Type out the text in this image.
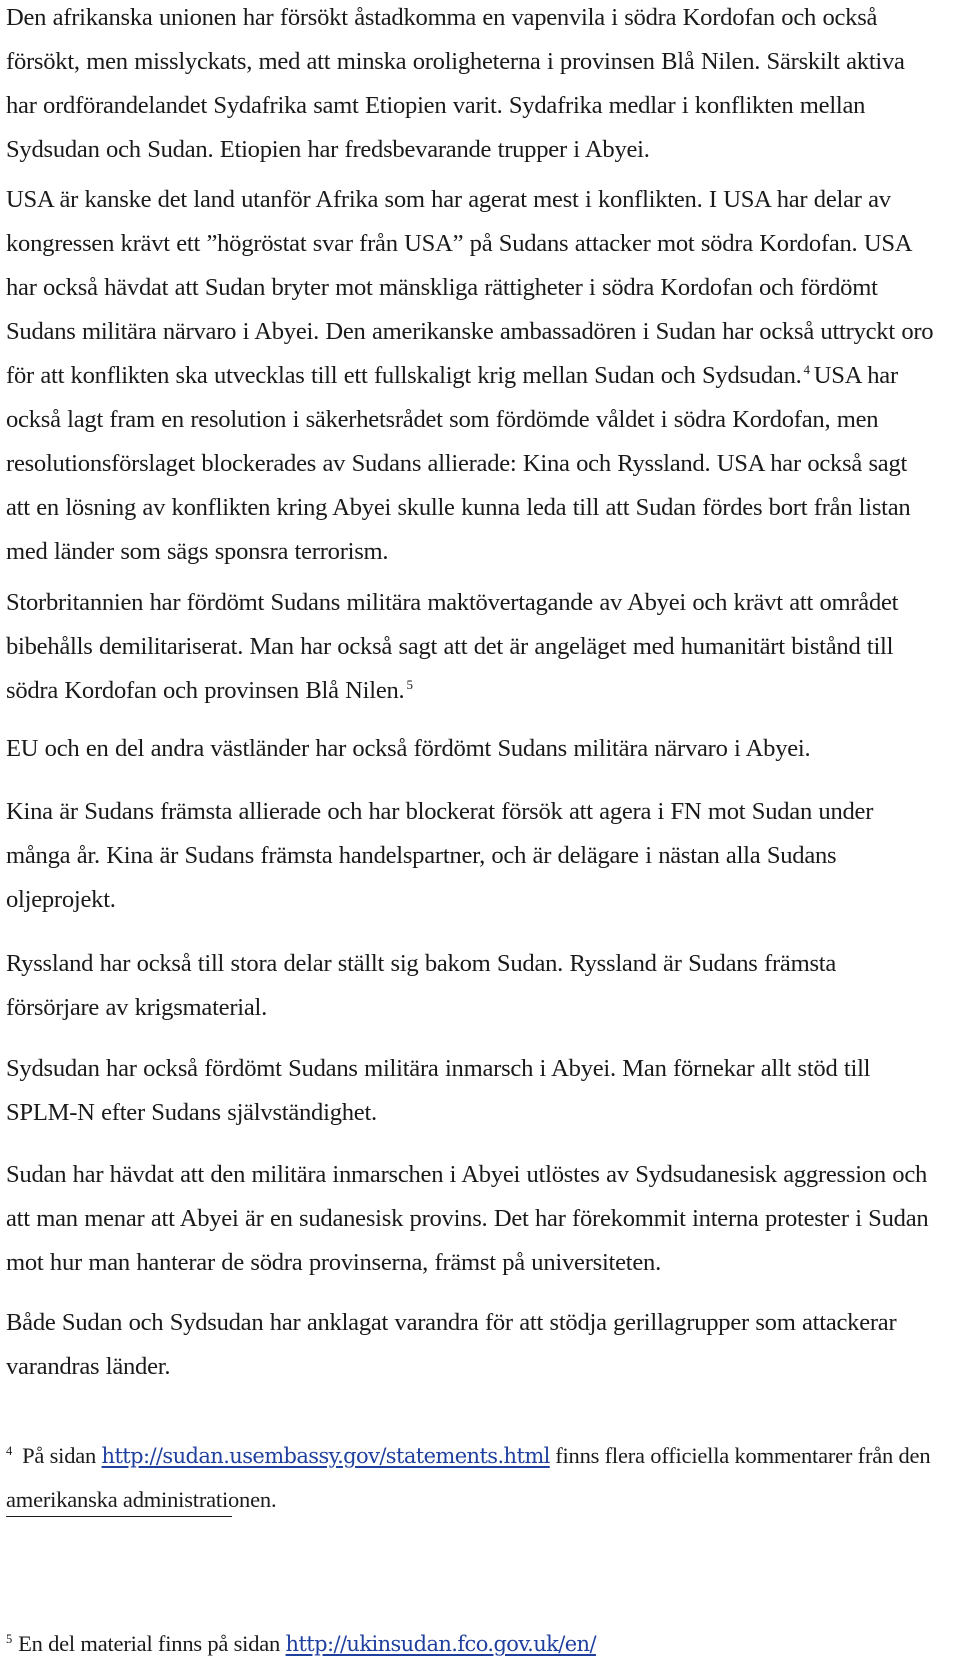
Den afrikanska unionen har försökt åstadkomma en vapenvila i södra Kordofan och också försökt, men misslyckats, med att minska oroligheterna i provinsen Blå Nilen. Särskilt aktiva har ordförandelandet Sydafrika samt Etiopien varit. Sydafrika medlar i konflikten mellan Sydsudan och Sudan. Etiopien har fredsbevarande trupper i Abyei.

USA är kanske det land utanför Afrika som har agerat mest i konflikten. I USA har delar av kongressen krävt ett ”högröstat svar från USA” på Sudans attacker mot södra Kordofan. USA har också hävdat att Sudan bryter mot mänskliga rättigheter i södra Kordofan och fördömt Sudans militära närvaro i Abyei. Den amerikanske ambassadören i Sudan har också uttryckt oro för att konflikten ska utvecklas till ett fullskaligt krig mellan Sudan och Sydsudan. $^4$ USA har också lagt fram en resolution i säkerhetsrådet som fördömde våldet i södra Kordofan, men resolutionsförslaget blockerades av Sudans allierade: Kina och Ryssland. USA har också sagt att en lösning av konflikten kring Abyei skulle kunna leda till att Sudan fördes bort från listan med länder som sägs sponsra terrorism.

Storbritannien har fördömt Sudans militära maktövertagande av Abyei och krävt att området bibehålls demilitariserat. Man har också sagt att det är angeläget med humanitärt bistånd till södra Kordofan och provinsen Blå Nilen. $^5$

EU och en del andra västländer har också fördömt Sudans militära närvaro i Abyei.

Kina är Sudans främsta allierade och har blockerat försök att agera i FN mot Sudan under många år. Kina är Sudans främsta handelspartner, och är delägare i nästan alla Sudans oljeprojekt.

Ryssland har också till stora delar ställt sig bakom Sudan. Ryssland är Sudans främsta försörjare av krigsmaterial.

Sydsudan har också fördömt Sudans militära inmarsch i Abyei. Man förnekar allt stöd till SPLM-N efter Sudans självständighet.

Sudan har hävdat att den militära inmarschen i Abyei utlöstes av Sydsudanesisk aggression och att man menar att Abyei är en sudanesisk provins. Det har förekommit interna protester i Sudan mot hur man hanterar de södra provinserna, främst på universiteten.

Både Sudan och Sydsudan har anklagat varandra för att stödja gerillagrupper som attackerar varandras länder.

$^4$ På sidan http://sudan.usembassy.gov/statements.html finns flera officiella kommentarer från den amerikanska administrationen.

$^5$ En del material finns på sidan http://ukinsudan.fco.gov.uk/en/
